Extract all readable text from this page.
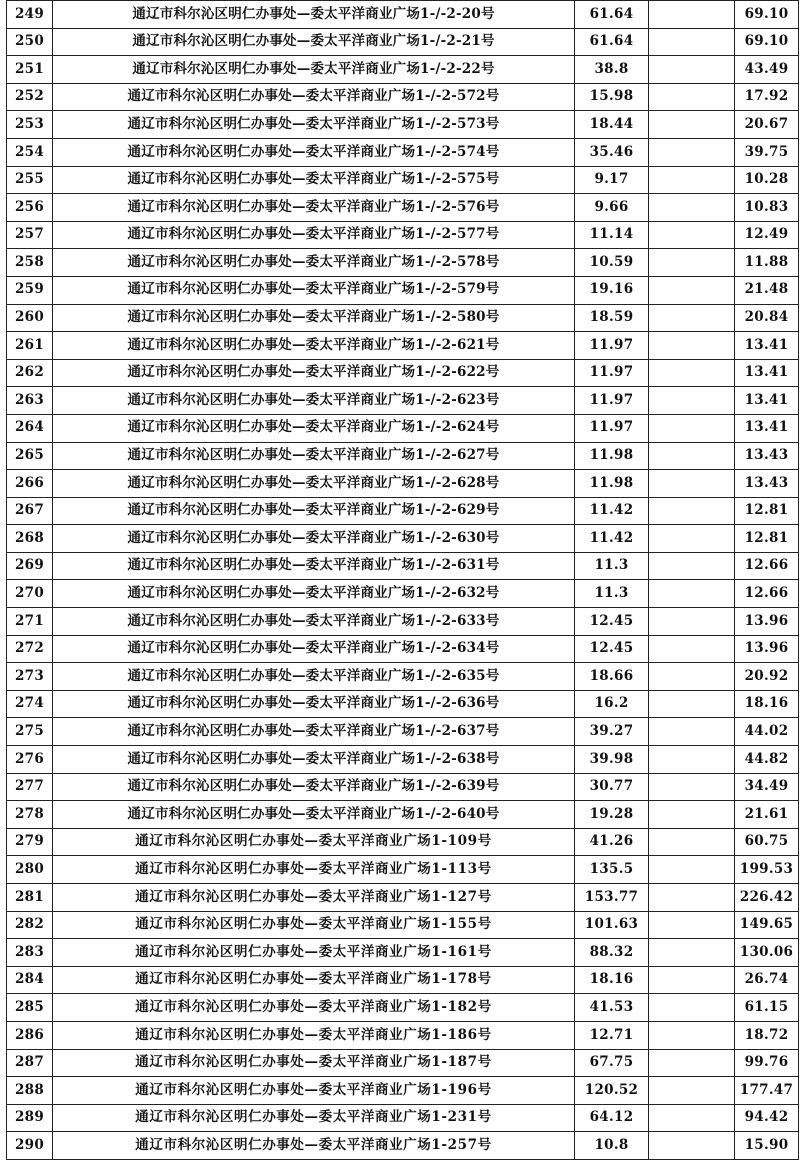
249	通辽市科尔沁区明仁办事处—委太平洋商业广场1-/-2-20号	61.64		69.10
250	通辽市科尔沁区明仁办事处—委太平洋商业广场1-/-2-21号	61.64		69.10
251	通辽市科尔沁区明仁办事处—委太平洋商业广场1-/-2-22号	38.8		43.49
252	通辽市科尔沁区明仁办事处—委太平洋商业广场1-/-2-572号	15.98		17.92
253	通辽市科尔沁区明仁办事处—委太平洋商业广场1-/-2-573号	18.44		20.67
254	通辽市科尔沁区明仁办事处—委太平洋商业广场1-/-2-574号	35.46		39.75
255	通辽市科尔沁区明仁办事处—委太平洋商业广场1-/-2-575号	9.17		10.28
256	通辽市科尔沁区明仁办事处—委太平洋商业广场1-/-2-576号	9.66		10.83
257	通辽市科尔沁区明仁办事处—委太平洋商业广场1-/-2-577号	11.14		12.49
258	通辽市科尔沁区明仁办事处—委太平洋商业广场1-/-2-578号	10.59		11.88
259	通辽市科尔沁区明仁办事处—委太平洋商业广场1-/-2-579号	19.16		21.48
260	通辽市科尔沁区明仁办事处—委太平洋商业广场1-/-2-580号	18.59		20.84
261	通辽市科尔沁区明仁办事处—委太平洋商业广场1-/-2-621号	11.97		13.41
262	通辽市科尔沁区明仁办事处—委太平洋商业广场1-/-2-622号	11.97		13.41
263	通辽市科尔沁区明仁办事处—委太平洋商业广场1-/-2-623号	11.97		13.41
264	通辽市科尔沁区明仁办事处—委太平洋商业广场1-/-2-624号	11.97		13.41
265	通辽市科尔沁区明仁办事处—委太平洋商业广场1-/-2-627号	11.98		13.43
266	通辽市科尔沁区明仁办事处—委太平洋商业广场1-/-2-628号	11.98		13.43
267	通辽市科尔沁区明仁办事处—委太平洋商业广场1-/-2-629号	11.42		12.81
268	通辽市科尔沁区明仁办事处—委太平洋商业广场1-/-2-630号	11.42		12.81
269	通辽市科尔沁区明仁办事处—委太平洋商业广场1-/-2-631号	11.3		12.66
270	通辽市科尔沁区明仁办事处—委太平洋商业广场1-/-2-632号	11.3		12.66
271	通辽市科尔沁区明仁办事处—委太平洋商业广场1-/-2-633号	12.45		13.96
272	通辽市科尔沁区明仁办事处—委太平洋商业广场1-/-2-634号	12.45		13.96
273	通辽市科尔沁区明仁办事处—委太平洋商业广场1-/-2-635号	18.66		20.92
274	通辽市科尔沁区明仁办事处—委太平洋商业广场1-/-2-636号	16.2		18.16
275	通辽市科尔沁区明仁办事处—委太平洋商业广场1-/-2-637号	39.27		44.02
276	通辽市科尔沁区明仁办事处—委太平洋商业广场1-/-2-638号	39.98		44.82
277	通辽市科尔沁区明仁办事处—委太平洋商业广场1-/-2-639号	30.77		34.49
278	通辽市科尔沁区明仁办事处—委太平洋商业广场1-/-2-640号	19.28		21.61
279	通辽市科尔沁区明仁办事处—委太平洋商业广场1-109号	41.26		60.75
280	通辽市科尔沁区明仁办事处—委太平洋商业广场1-113号	135.5		199.53
281	通辽市科尔沁区明仁办事处—委太平洋商业广场1-127号	153.77		226.42
282	通辽市科尔沁区明仁办事处—委太平洋商业广场1-155号	101.63		149.65
283	通辽市科尔沁区明仁办事处—委太平洋商业广场1-161号	88.32		130.06
284	通辽市科尔沁区明仁办事处—委太平洋商业广场1-178号	18.16		26.74
285	通辽市科尔沁区明仁办事处—委太平洋商业广场1-182号	41.53		61.15
286	通辽市科尔沁区明仁办事处—委太平洋商业广场1-186号	12.71		18.72
287	通辽市科尔沁区明仁办事处—委太平洋商业广场1-187号	67.75		99.76
288	通辽市科尔沁区明仁办事处—委太平洋商业广场1-196号	120.52		177.47
289	通辽市科尔沁区明仁办事处—委太平洋商业广场1-231号	64.12		94.42
290	通辽市科尔沁区明仁办事处—委太平洋商业广场1-257号	10.8		15.90
